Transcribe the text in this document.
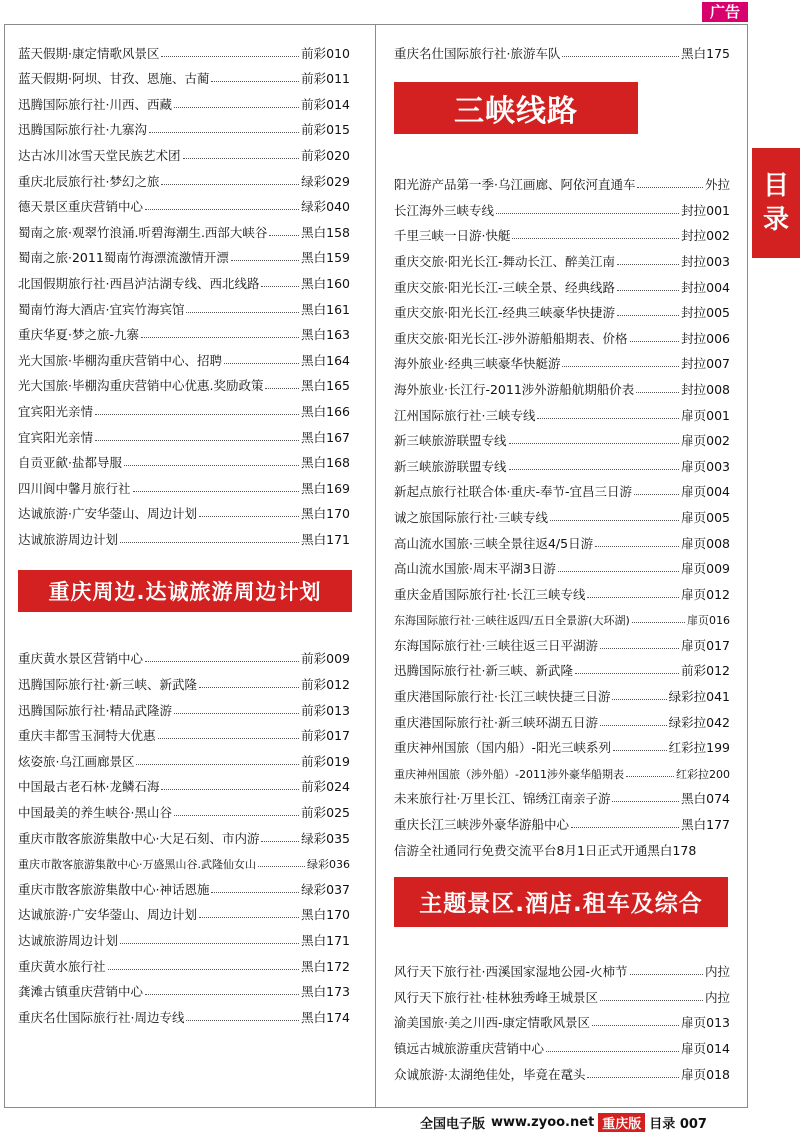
广告
目
录
蓝天假期·康定情歌风景区	前彩010
蓝天假期·阿坝、甘孜、恩施、古蔺	前彩011
迅腾国际旅行社·川西、西藏	前彩014
迅腾国际旅行社·九寨沟	前彩015
达古冰川冰雪天堂民族艺术团	前彩020
重庆北辰旅行社·梦幻之旅	绿彩029
德天景区重庆营销中心	绿彩040
蜀南之旅·观翠竹浪涌.听碧海潮生.西部大峡谷	黑白158
蜀南之旅·2011蜀南竹海漂流激情开漂	黑白159
北国假期旅行社·西昌泸沽湖专线、西北线路	黑白160
蜀南竹海大酒店·宜宾竹海宾馆	黑白161
重庆华夏·梦之旅-九寨	黑白163
光大国旅·毕棚沟重庆营销中心、招聘	黑白164
光大国旅·毕棚沟重庆营销中心优惠.奖励政策	黑白165
宜宾阳光亲情	黑白166
宜宾阳光亲情	黑白167
自贡亚歈·盐都导服	黑白168
四川阆中馨月旅行社	黑白169
达诚旅游·广安华蓥山、周边计划	黑白170
达诚旅游周边计划	黑白171
重庆周边.达诚旅游周边计划
重庆黄水景区营销中心	前彩009
迅腾国际旅行社·新三峡、新武隆	前彩012
迅腾国际旅行社·精品武隆游	前彩013
重庆丰都雪玉洞特大优惠	前彩017
炫姿旅·乌江画廊景区	前彩019
中国最古老石林·龙鳞石海	前彩024
中国最美的养生峡谷·黑山谷	前彩025
重庆市散客旅游集散中心·大足石刻、市内游	绿彩035
重庆市散客旅游集散中心·万盛黑山谷.武隆仙女山	绿彩036
重庆市散客旅游集散中心·神话恩施	绿彩037
达诚旅游·广安华蓥山、周边计划	黑白170
达诚旅游周边计划	黑白171
重庆黄水旅行社	黑白172
龚滩古镇重庆营销中心	黑白173
重庆名仕国际旅行社·周边专线	黑白174
重庆名仕国际旅行社·旅游车队	黑白175
三峡线路
阳光游产品第一季·乌江画廊、阿依河直通车	外拉
长江海外三峡专线	封拉001
千里三峡一日游·快艇	封拉002
重庆交旅·阳光长江-舞动长江、醉美江南	封拉003
重庆交旅·阳光长江-三峡全景、经典线路	封拉004
重庆交旅·阳光长江-经典三峡豪华快捷游	封拉005
重庆交旅·阳光长江-涉外游船船期表、价格	封拉006
海外旅业·经典三峡豪华快艇游	封拉007
海外旅业·长江行-2011涉外游船航期船价表	封拉008
江州国际旅行社·三峡专线	扉页001
新三峡旅游联盟专线	扉页002
新三峡旅游联盟专线	扉页003
新起点旅行社联合体·重庆-奉节-宜昌三日游	扉页004
诚之旅国际旅行社·三峡专线	扉页005
高山流水国旅·三峡全景往返4/5日游	扉页008
高山流水国旅·周末平湖3日游	扉页009
重庆金盾国际旅行社·长江三峡专线	扉页012
东海国际旅行社·三峡往返四/五日全景游(大环湖)	扉页016
东海国际旅行社·三峡往返三日平湖游	扉页017
迅腾国际旅行社·新三峡、新武隆	前彩012
重庆港国际旅行社·长江三峡快捷三日游	绿彩拉041
重庆港国际旅行社·新三峡环湖五日游	绿彩拉042
重庆神州国旅（国内船）-阳光三峡系列	红彩拉199
重庆神州国旅（涉外船）-2011涉外豪华船期表	红彩拉200
未来旅行社·万里长江、锦绣江南亲子游	黑白074
重庆长江三峡涉外豪华游船中心	黑白177
信游全社通同行免费交流平台8月1日正式开通 黑白178
主题景区.酒店.租车及综合
风行天下旅行社·西溪国家湿地公园-火柿节	内拉
风行天下旅行社·桂林独秀峰王城景区	内拉
渝美国旅·美之川西-康定情歌风景区	扉页013
镇远古城旅游重庆营销中心	扉页014
众诚旅游·太湖绝佳处，毕竟在鼋头	扉页018
全国电子版 www.zyoo.net 重庆版 目录 007
